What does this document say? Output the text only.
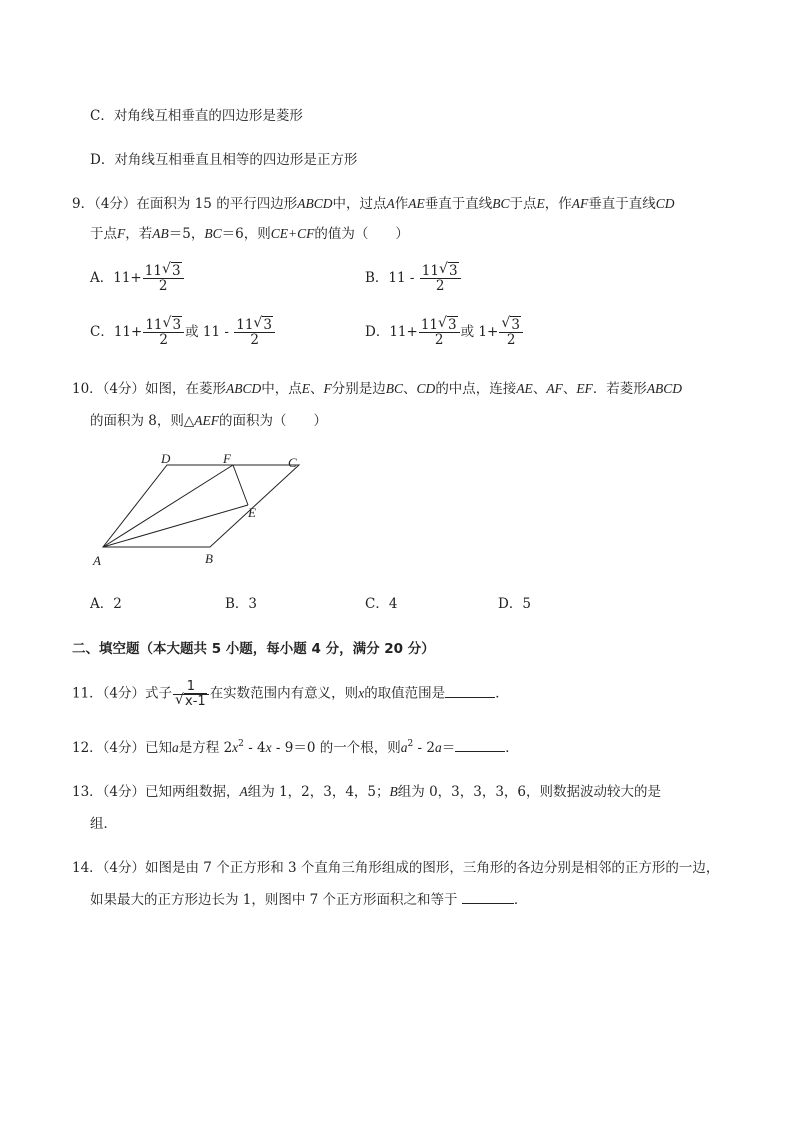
C．对角线互相垂直的四边形是菱形
D．对角线互相垂直且相等的四边形是正方形
9．（4分）在面积为 15 的平行四边形ABCD中，过点A作AE垂直于直线BC于点E，作AF垂直于直线CD
于点F，若AB＝5，BC＝6，则CE+CF的值为（　　）
A．$11+ \frac{11 √ 3}{2}$	B．$11 - \frac{11 √ 3}{2}$
C．$11+ \frac{11 √ 3}{2}$ 或 $11 - \frac{11 √ 3}{2}$	D．$11+ \frac{11 √ 3}{2}$ 或 1+ √ $\frac{3}{2}$
10．（4分）如图，在菱形ABCD中，点E、F分别是边BC、CD的中点，连接AE、AF、EF．若菱形ABCD
的面积为 8，则△AEF的面积为（　　）
A	B
C
D
E
F
A．2	B．3	C．4	D．5
二、填空题（本大题共 5 小题，每小题 4 分，满分 20 分）
11．（4分）式子 1
√ x-1 在实数范围内有意义，则x的取值范围是	．
12．（4分）已知a是方程 $2x^2 - 4x - 9=0$ 的一个根，则$a^2 - 2a=$	．
13．（4分）已知两组数据，A组为 1，2，3，4，5；B组为 0，3，3，3，6，则数据波动较大的是
组．
14．（4分）如图是由 7 个正方形和 3 个直角三角形组成的图形，三角形的各边分别是相邻的正方形的一边，
如果最大的正方形边长为 1，则图中 7 个正方形面积之和等于	．
